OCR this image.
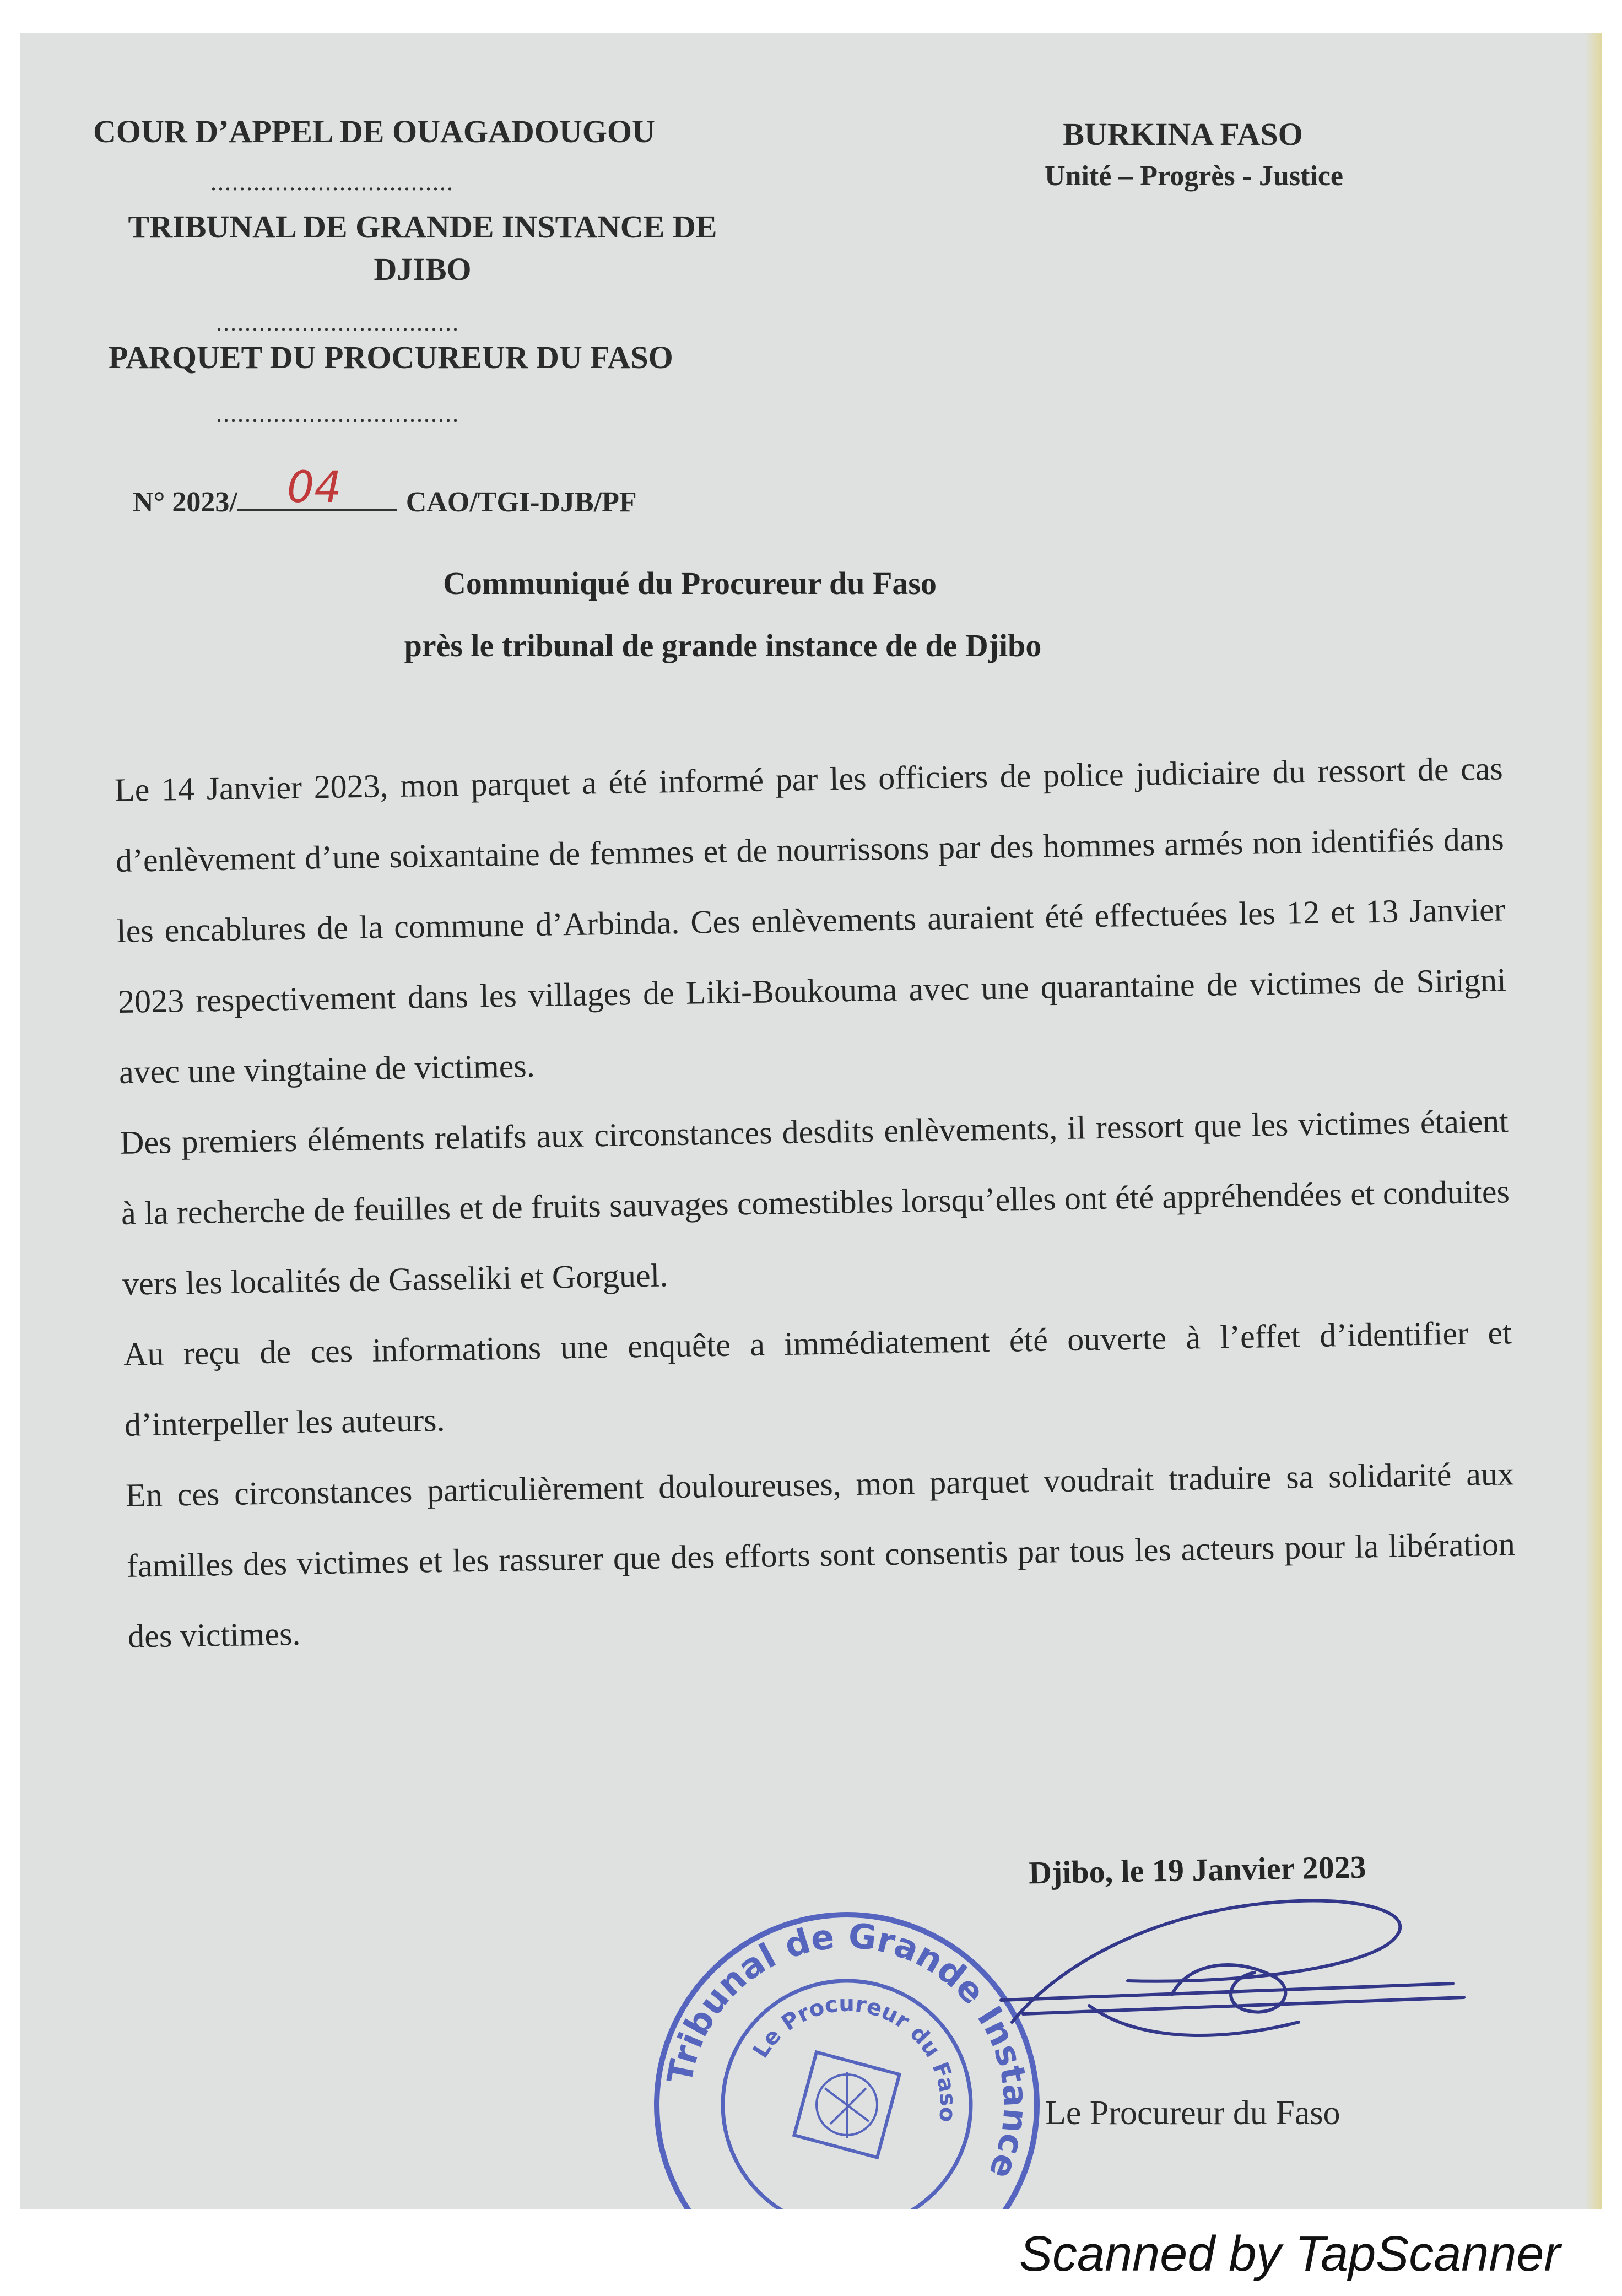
COUR D’APPEL DE OUAGADOUGOU
..................................
TRIBUNAL DE GRANDE INSTANCE DE
DJIBO
..................................
PARQUET DU PROCUREUR DU FASO
..................................
BURKINA FASO
Unité – Progrès - Justice
N° 2023/ 04 CAO/TGI-DJB/PF
Communiqué du Procureur du Faso
près le tribunal de grande instance de de Djibo

Le 14 Janvier 2023, mon parquet a été informé par les officiers de police judiciaire du ressort de cas d’enlèvement d’une soixantaine de femmes et de nourrissons par des hommes armés non identifiés dans les encablures de la commune d’Arbinda. Ces enlèvements auraient été effectuées les 12 et 13 Janvier 2023 respectivement dans les villages de Liki-Boukouma avec une quarantaine de victimes de Sirigni avec une vingtaine de victimes.

Des premiers éléments relatifs aux circonstances desdits enlèvements, il ressort que les victimes étaient à la recherche de feuilles et de fruits sauvages comestibles lorsqu’elles ont été appréhendées et conduites vers les localités de Gasseliki et Gorguel.

Au reçu de ces informations une enquête a immédiatement été ouverte à l’effet d’identifier et d’interpeller les auteurs.

En ces circonstances particulièrement douloureuses, mon parquet voudrait traduire sa solidarité aux familles des victimes et les rassurer que des efforts sont consentis par tous les acteurs pour la libération des victimes.

Djibo, le 19 Janvier 2023
Tribunal de Grande Instance
Le Procureur du Faso Le Procureur du Faso
Scanned by TapScanner
